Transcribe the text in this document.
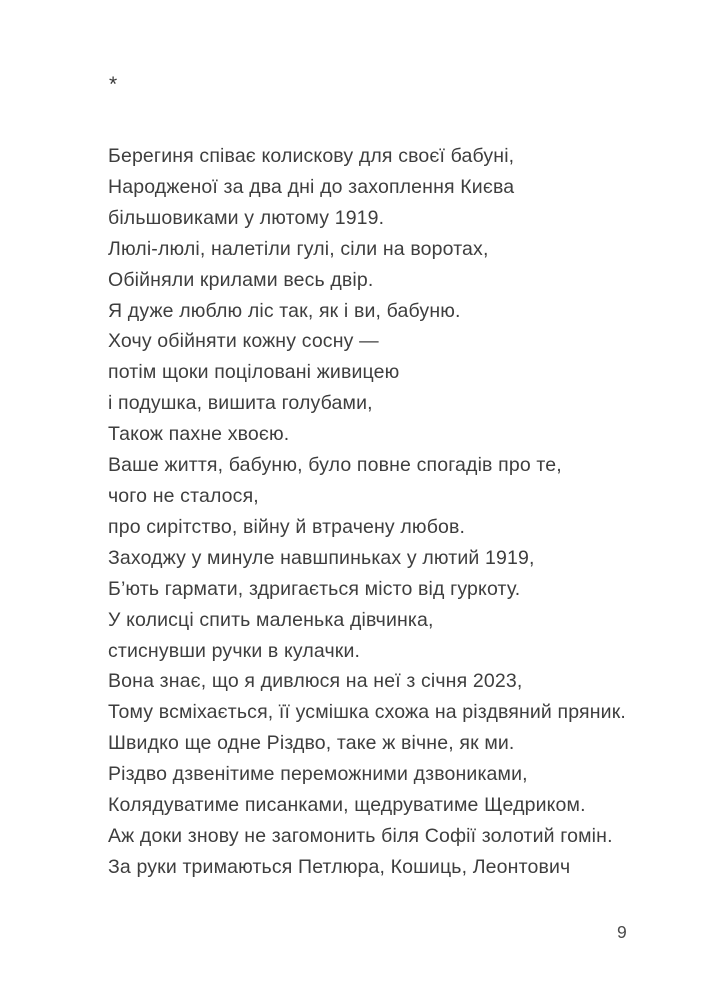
*
Берегиня співає колискову для своєї бабуні,
Народженої за два дні до захоплення Києва
більшовиками у лютому 1919.
Люлі-люлі, налетіли гулі, сіли на воротах,
Обійняли крилами весь двір.
Я дуже люблю ліс так, як і ви, бабуню.
Хочу обійняти кожну сосну —
потім щоки поціловані живицею
і подушка, вишита голубами,
Також пахне хвоєю.
Ваше життя, бабуню, було повне спогадів про те,
чого не сталося,
про сирітство, війну й втрачену любов.
Заходжу у минуле навшпиньках у лютий 1919,
Б’ють гармати, здригається місто від гуркоту.
У колисці спить маленька дівчинка,
стиснувши ручки в кулачки.
Вона знає, що я дивлюся на неї з січня 2023,
Тому всміхається, її усмішка схожа на різдвяний пряник.
Швидко ще одне Різдво, таке ж вічне, як ми.
Різдво дзвенітиме переможними дзвониками,
Колядуватиме писанками, щедруватиме Щедриком.
Аж доки знову не загомонить біля Софії золотий гомін.
За руки тримаються Петлюра, Кошиць, Леонтович
9
